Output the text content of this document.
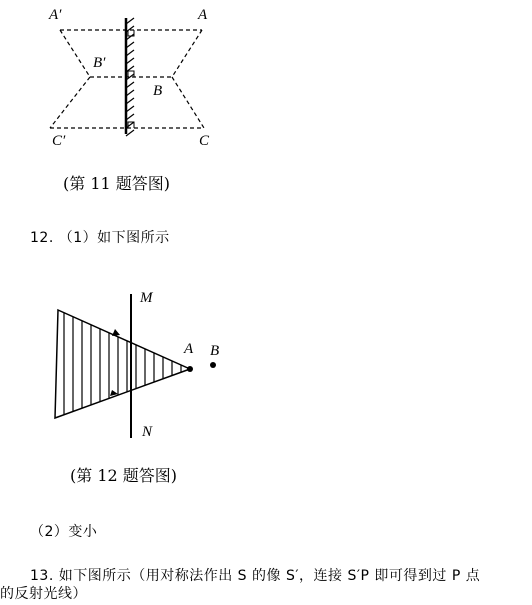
A′	A
B′
B
C′	C
(第 11 题答图)
12. （1）如下图所示
M
N
A B
(第 12 题答图)
（2）变小
13. 如下图所示（用对称法作出 S 的像 S′，连接 S′P 即可得到过 P 点
的反射光线）
